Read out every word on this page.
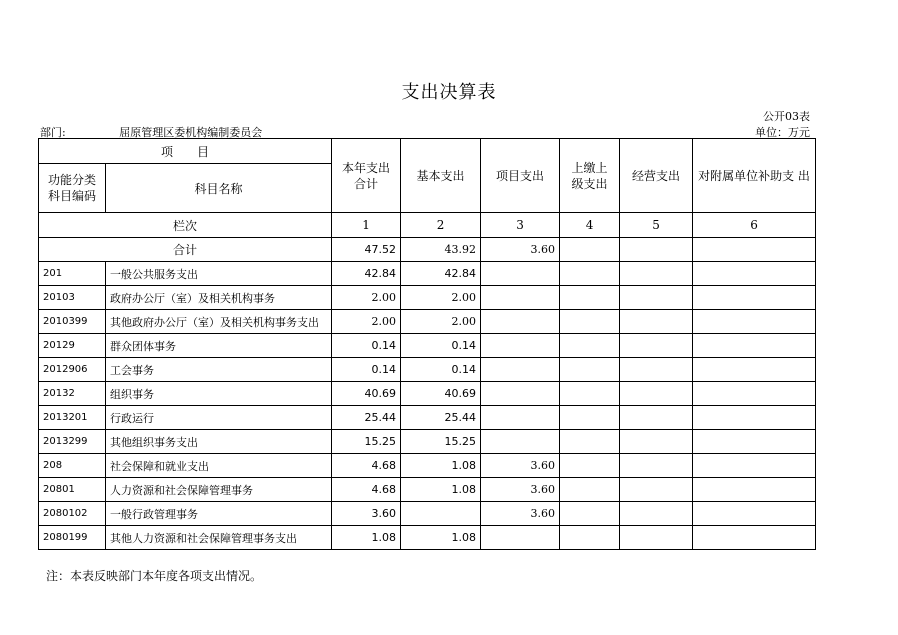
支出决算表
公开03表
部门:	屈原管理区委机构编制委员会	单位：万元
项　　目		本年支出 合计	基本支出	项目支出	上缴上 级支出	经营支出	对附属单位补助支 出
功能分类 科目编码	科目名称						
栏次		1	2	3	4	5	6
合计		47.52	43.92	3.60			
201	一般公共服务支出	42.84	42.84				
20103	政府办公厅（室）及相关机构事务	2.00	2.00				
2010399	其他政府办公厅（室）及相关机构事务支出	2.00	2.00				
20129	群众团体事务	0.14	0.14				
2012906	工会事务	0.14	0.14				
20132	组织事务	40.69	40.69				
2013201	行政运行	25.44	25.44				
2013299	其他组织事务支出	15.25	15.25				
208	社会保障和就业支出	4.68	1.08	3.60			
20801	人力资源和社会保障管理事务	4.68	1.08	3.60			
2080102	一般行政管理事务	3.60		3.60			
2080199	其他人力资源和社会保障管理事务支出	1.08	1.08				
注：本表反映部门本年度各项支出情况。
